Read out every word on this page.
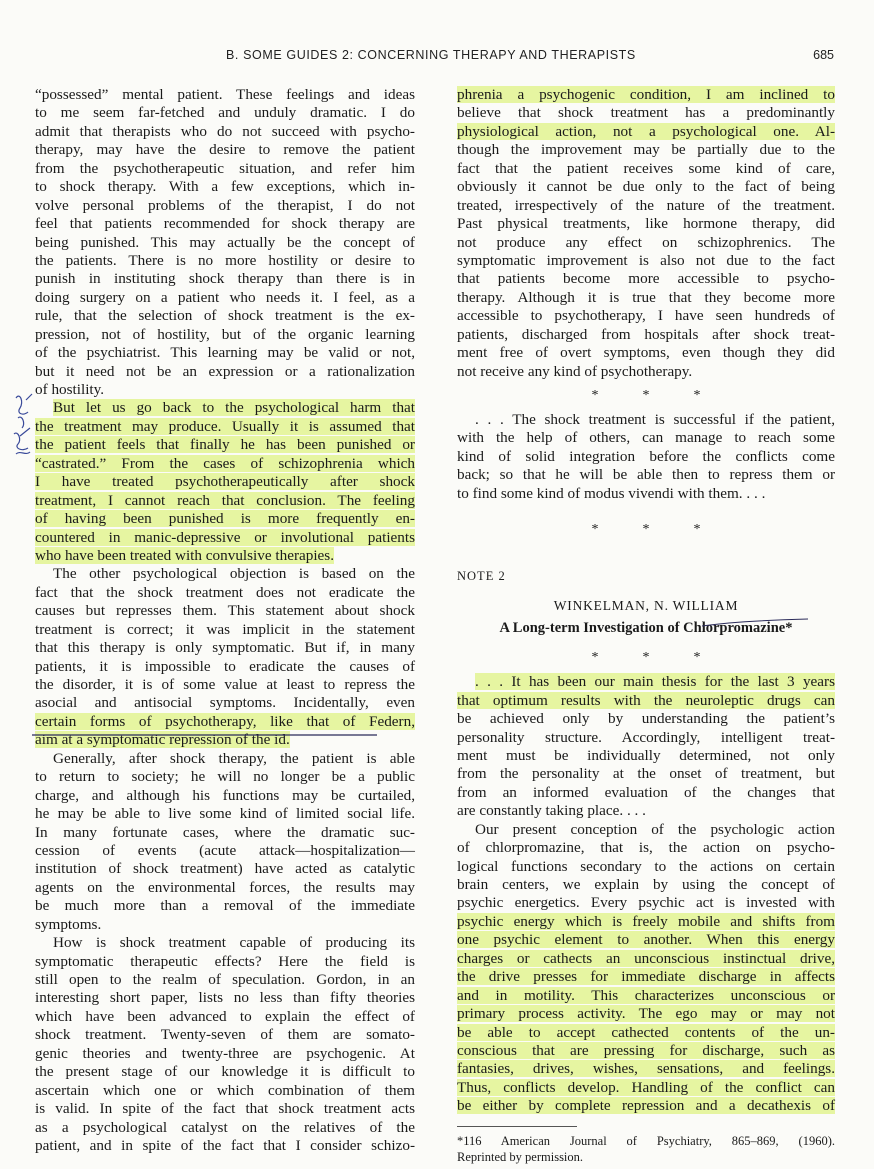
B. SOME GUIDES 2: CONCERNING THERAPY AND THERAPISTS	685
“possessed” mental patient. These feelings and ideas
to me seem far-fetched and unduly dramatic. I do
admit that therapists who do not succeed with psycho-
therapy, may have the desire to remove the patient
from the psychotherapeutic situation, and refer him
to shock therapy. With a few exceptions, which in-
volve personal problems of the therapist, I do not
feel that patients recommended for shock therapy are
being punished. This may actually be the concept of
the patients. There is no more hostility or desire to
punish in instituting shock therapy than there is in
doing surgery on a patient who needs it. I feel, as a
rule, that the selection of shock treatment is the ex-
pression, not of hostility, but of the organic learning
of the psychiatrist. This learning may be valid or not,
but it need not be an expression or a rationalization
of hostility.
But let us go back to the psychological harm that
the treatment may produce. Usually it is assumed that
the patient feels that finally he has been punished or
“castrated.” From the cases of schizophrenia which
I have treated psychotherapeutically after shock
treatment, I cannot reach that conclusion. The feeling
of having been punished is more frequently en-
countered in manic-depressive or involutional patients
who have been treated with convulsive therapies.
The other psychological objection is based on the
fact that the shock treatment does not eradicate the
causes but represses them. This statement about shock
treatment is correct; it was implicit in the statement
that this therapy is only symptomatic. But if, in many
patients, it is impossible to eradicate the causes of
the disorder, it is of some value at least to repress the
asocial and antisocial symptoms. Incidentally, even
certain forms of psychotherapy, like that of Federn,
aim at a symptomatic repression of the id.
Generally, after shock therapy, the patient is able
to return to society; he will no longer be a public
charge, and although his functions may be curtailed,
he may be able to live some kind of limited social life.
In many fortunate cases, where the dramatic suc-
cession of events (acute attack—hospitalization—
institution of shock treatment) have acted as catalytic
agents on the environmental forces, the results may
be much more than a removal of the immediate
symptoms.
How is shock treatment capable of producing its
symptomatic therapeutic effects? Here the field is
still open to the realm of speculation. Gordon, in an
interesting short paper, lists no less than fifty theories
which have been advanced to explain the effect of
shock treatment. Twenty-seven of them are somato-
genic theories and twenty-three are psychogenic. At
the present stage of our knowledge it is difficult to
ascertain which one or which combination of them
is valid. In spite of the fact that shock treatment acts
as a psychological catalyst on the relatives of the
patient, and in spite of the fact that I consider schizo-
phrenia a psychogenic condition, I am inclined to
believe that shock treatment has a predominantly
physiological action, not a psychological one. Al-
though the improvement may be partially due to the
fact that the patient receives some kind of care,
obviously it cannot be due only to the fact of being
treated, irrespectively of the nature of the treatment.
Past physical treatments, like hormone therapy, did
not produce any effect on schizophrenics. The
symptomatic improvement is also not due to the fact
that patients become more accessible to psycho-
therapy. Although it is true that they become more
accessible to psychotherapy, I have seen hundreds of
patients, discharged from hospitals after shock treat-
ment free of overt symptoms, even though they did
not receive any kind of psychotherapy.
*	*	*
. . . The shock treatment is successful if the patient,
with the help of others, can manage to reach some
kind of solid integration before the conflicts come
back; so that he will be able then to repress them or
to find some kind of modus vivendi with them. . . .
*	*	*
NOTE 2
WINKELMAN, N. WILLIAM
A Long-term Investigation of Chlorpromazine*
*	*	*
. . . It has been our main thesis for the last 3 years
that optimum results with the neuroleptic drugs can
be achieved only by understanding the patient’s
personality structure. Accordingly, intelligent treat-
ment must be individually determined, not only
from the personality at the onset of treatment, but
from an informed evaluation of the changes that
are constantly taking place. . . .
Our present conception of the psychologic action
of chlorpromazine, that is, the action on psycho-
logical functions secondary to the actions on certain
brain centers, we explain by using the concept of
psychic energetics. Every psychic act is invested with
psychic energy which is freely mobile and shifts from
one psychic element to another. When this energy
charges or cathects an unconscious instinctual drive,
the drive presses for immediate discharge in affects
and in motility. This characterizes unconscious or
primary process activity. The ego may or may not
be able to accept cathected contents of the un-
conscious that are pressing for discharge, such as
fantasies, drives, wishes, sensations, and feelings.
Thus, conflicts develop. Handling of the conflict can
be either by complete repression and a decathexis of
*116 American Journal of Psychiatry, 865–869, (1960).
Reprinted by permission.
